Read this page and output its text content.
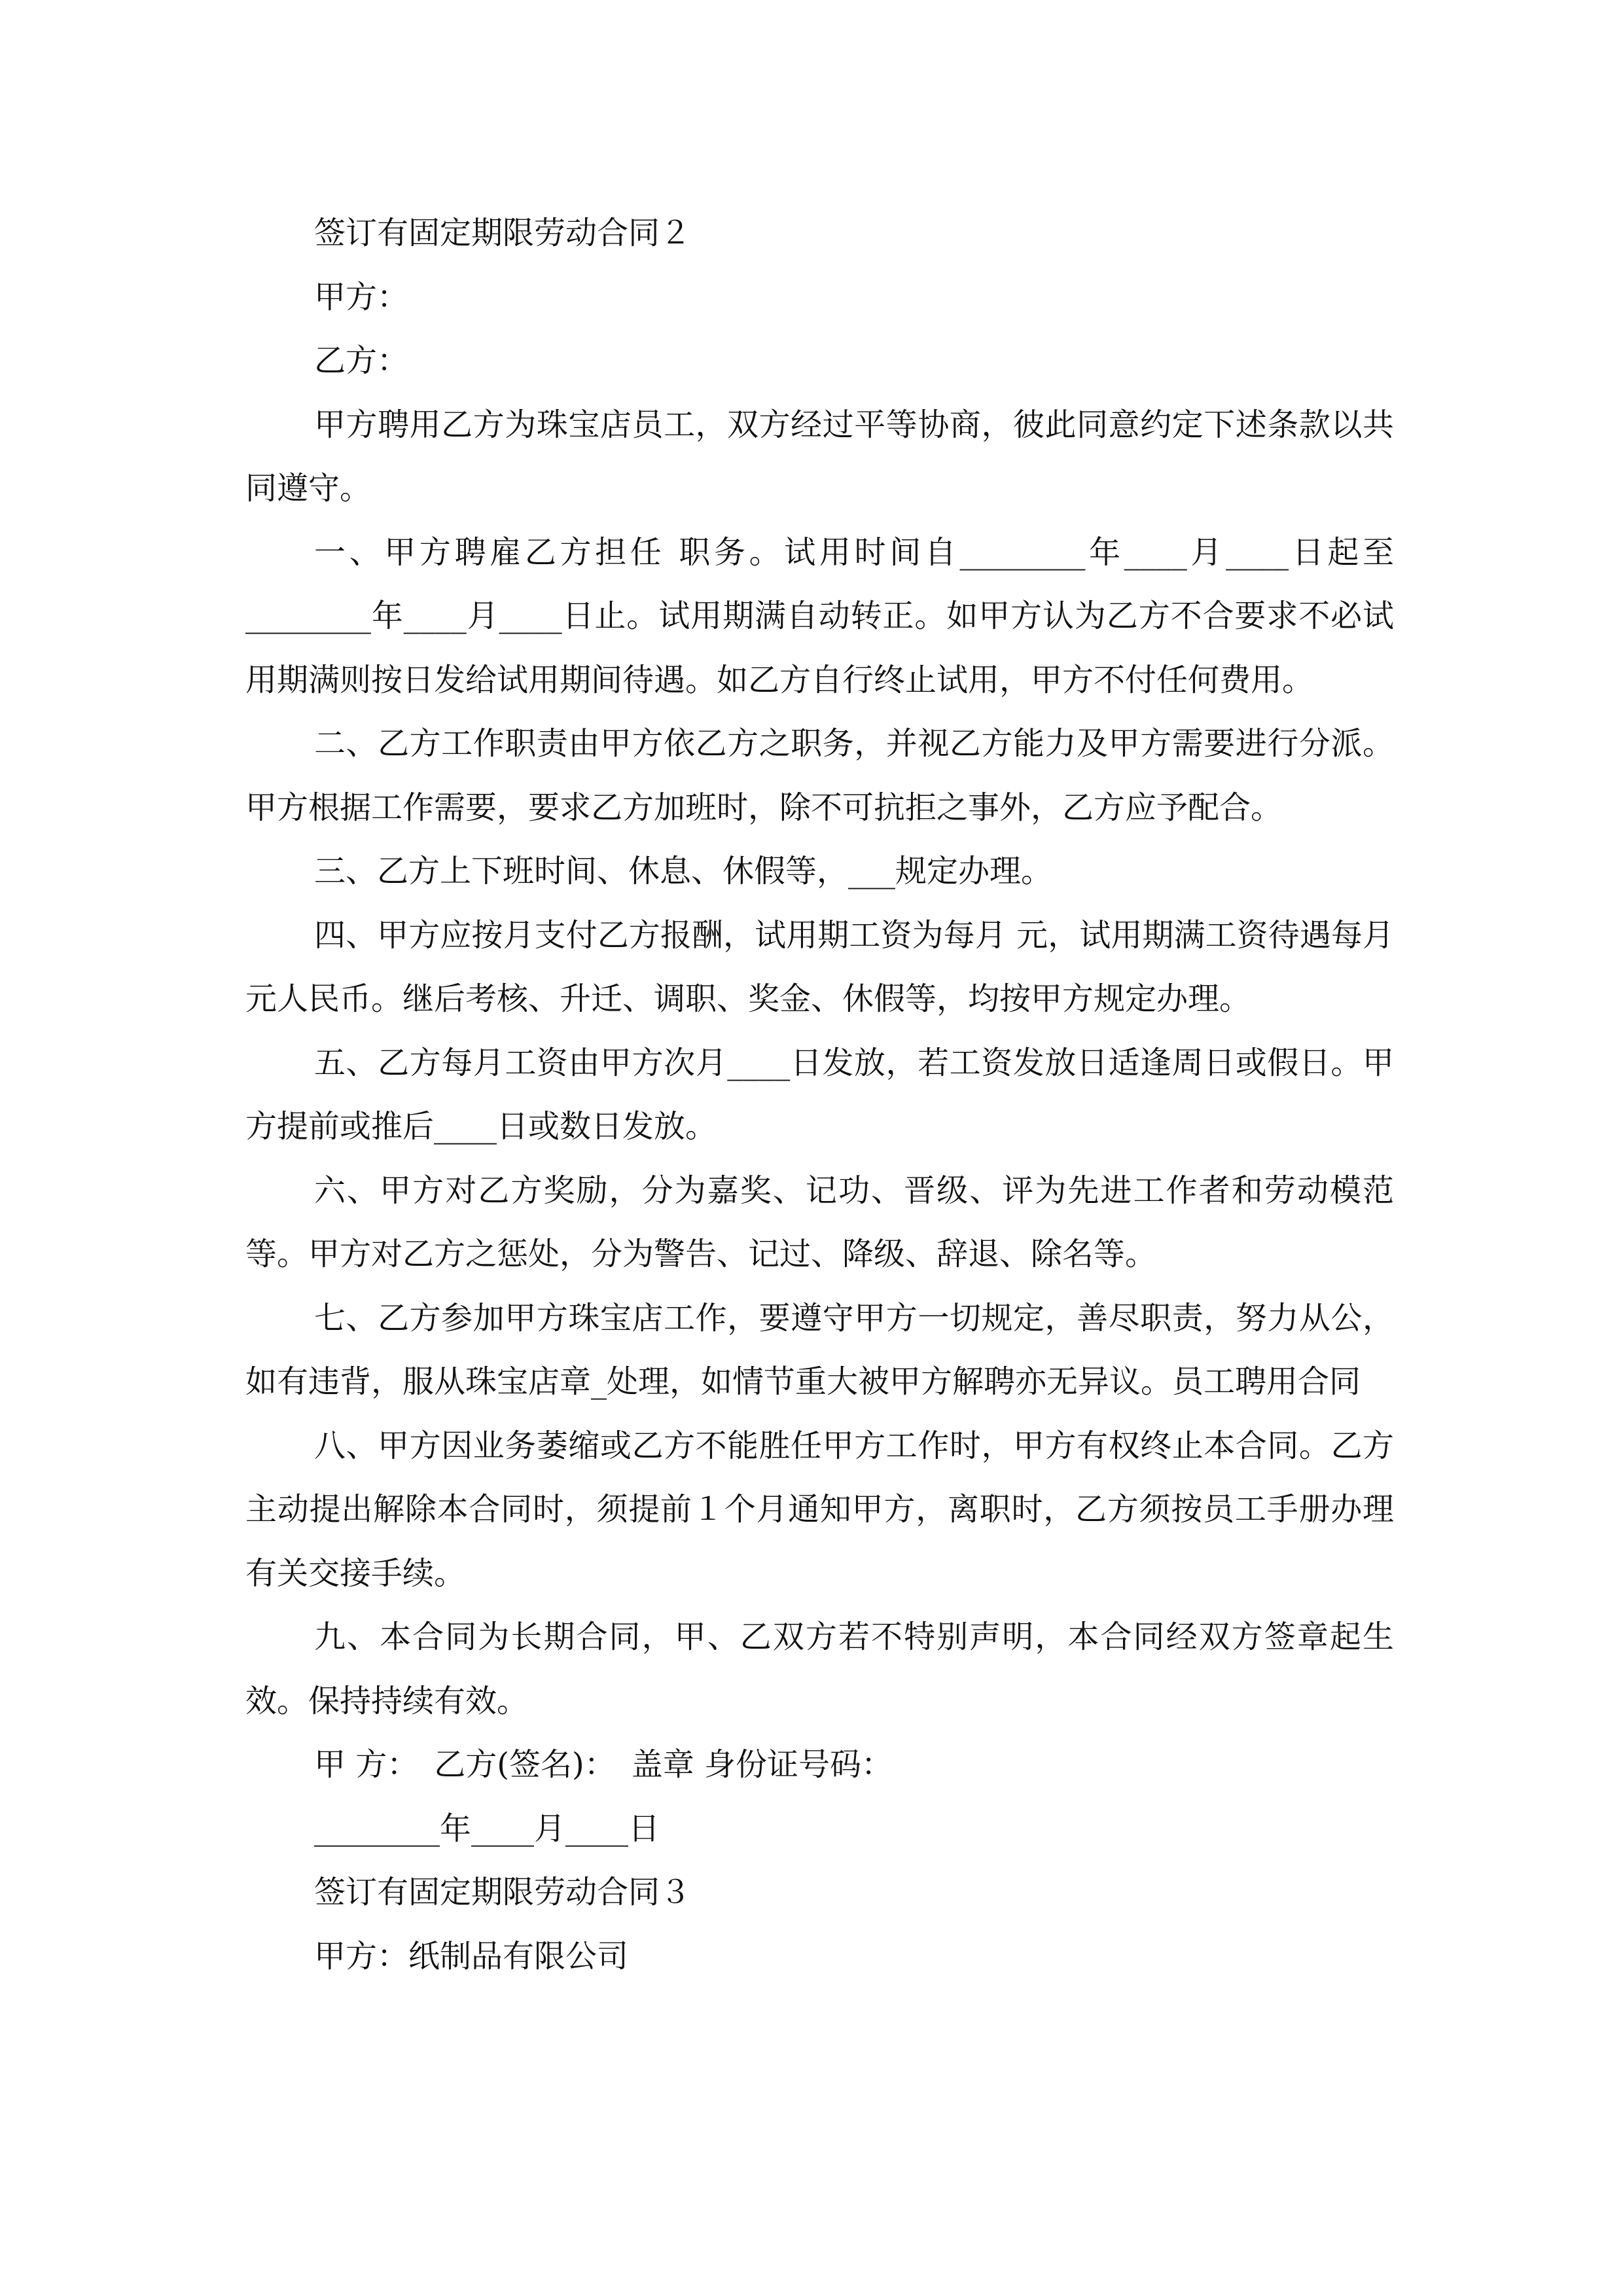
签订有固定期限劳动合同２

甲方：

乙方：

甲方聘用乙方为珠宝店员工，双方经过平等协商，彼此同意约定下述条款以共同遵守。

一、甲方聘雇乙方担任 职务。试用时间自________年____月____日起至________年____月____日止。试用期满自动转正。如甲方认为乙方不合要求不必试用期满则按日发给试用期间待遇。如乙方自行终止试用，甲方不付任何费用。

二、乙方工作职责由甲方依乙方之职务，并视乙方能力及甲方需要进行分派。甲方根据工作需要，要求乙方加班时，除不可抗拒之事外，乙方应予配合。

三、乙方上下班时间、休息、休假等，___规定办理。

四、甲方应按月支付乙方报酬，试用期工资为每月 元，试用期满工资待遇每月 元人民币。继后考核、升迁、调职、奖金、休假等，均按甲方规定办理。

五、乙方每月工资由甲方次月____日发放，若工资发放日适逢周日或假日。甲方提前或推后____日或数日发放。

六、甲方对乙方奖励，分为嘉奖、记功、晋级、评为先进工作者和劳动模范等。甲方对乙方之惩处，分为警告、记过、降级、辞退、除名等。

七、乙方参加甲方珠宝店工作，要遵守甲方一切规定，善尽职责，努力从公，如有违背，服从珠宝店章_处理，如情节重大被甲方解聘亦无异议。员工聘用合同

八、甲方因业务萎缩或乙方不能胜任甲方工作时，甲方有权终止本合同。乙方主动提出解除本合同时，须提前１个月通知甲方，离职时，乙方须按员工手册办理有关交接手续。

九、本合同为长期合同，甲、乙双方若不特别声明，本合同经双方签章起生效。保持持续有效。

甲 方：　乙方(签名)：　盖章 身份证号码：

________年____月____日

签订有固定期限劳动合同３

甲方：纸制品有限公司
